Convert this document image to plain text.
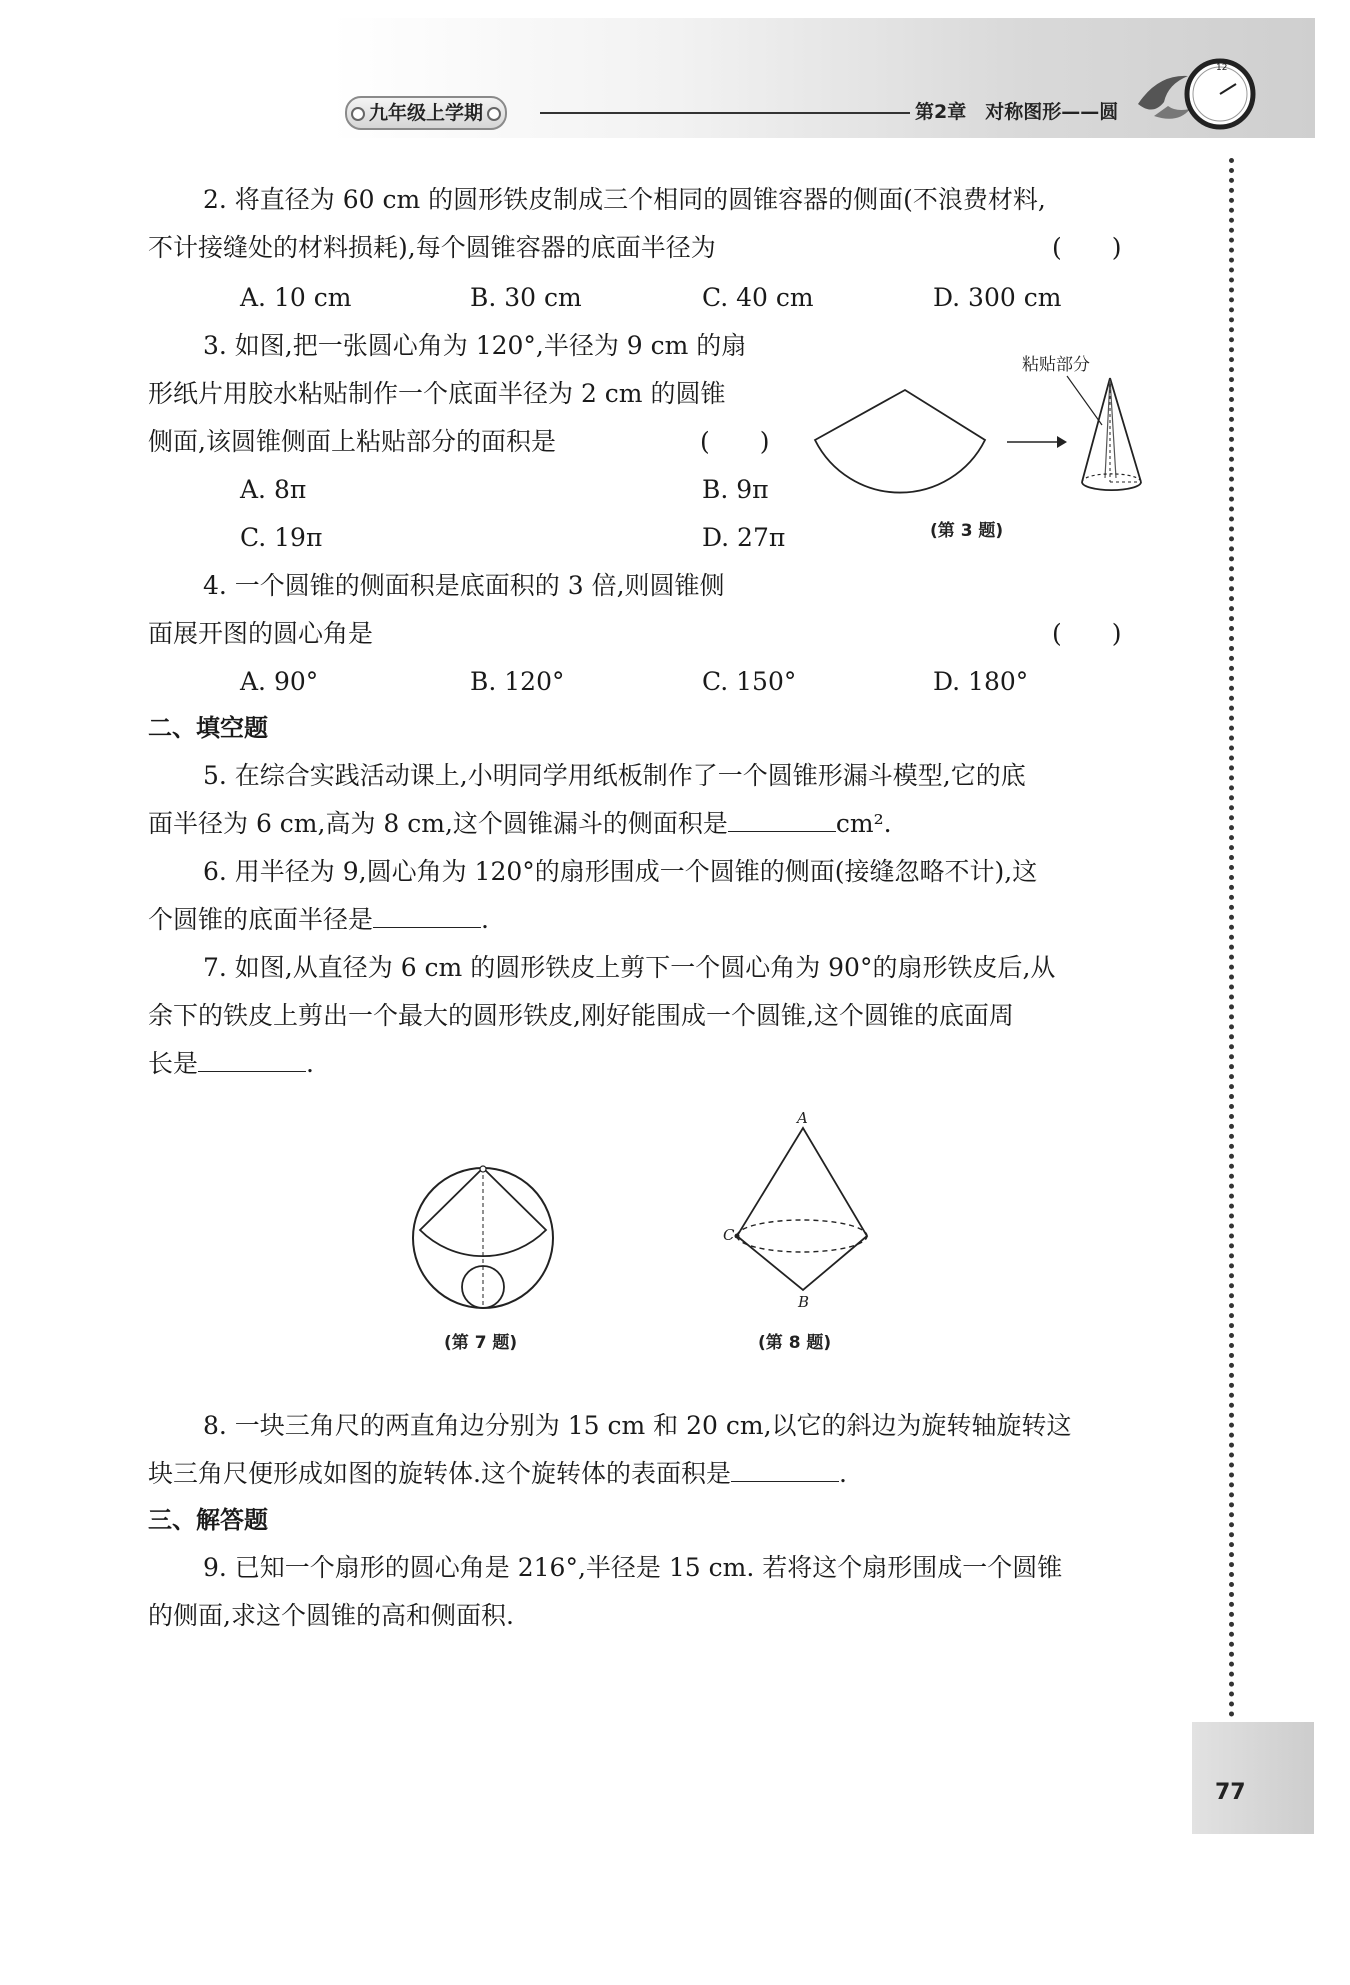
九年级上学期	第2章　对称图形——圆
12
77
2. 将直径为 60 cm 的圆形铁皮制成三个相同的圆锥容器的侧面(不浪费材料,
不计接缝处的材料损耗),每个圆锥容器的底面半径为	(　　)
A. 10 cm	B. 30 cm	C. 40 cm	D. 300 cm
3. 如图,把一张圆心角为 120°,半径为 9 cm 的扇
形纸片用胶水粘贴制作一个底面半径为 2 cm 的圆锥
侧面,该圆锥侧面上粘贴部分的面积是	(　　)
A. 8π	B. 9π
C. 19π	D. 27π
粘贴部分
(第 3 题)
4. 一个圆锥的侧面积是底面积的 3 倍,则圆锥侧
面展开图的圆心角是	(　　)
A. 90°	B. 120°	C. 150°	D. 180°
二、填空题
5. 在综合实践活动课上,小明同学用纸板制作了一个圆锥形漏斗模型,它的底
面半径为 6 cm,高为 8 cm,这个圆锥漏斗的侧面积是	cm².
6. 用半径为 9,圆心角为 120°的扇形围成一个圆锥的侧面(接缝忽略不计),这
个圆锥的底面半径是	.
7. 如图,从直径为 6 cm 的圆形铁皮上剪下一个圆心角为 90°的扇形铁皮后,从
余下的铁皮上剪出一个最大的圆形铁皮,刚好能围成一个圆锥,这个圆锥的底面周
长是	.
(第 7 题)
A
C
B
(第 8 题)
8. 一块三角尺的两直角边分别为 15 cm 和 20 cm,以它的斜边为旋转轴旋转这
块三角尺便形成如图的旋转体.这个旋转体的表面积是	.
三、解答题
9. 已知一个扇形的圆心角是 216°,半径是 15 cm. 若将这个扇形围成一个圆锥
的侧面,求这个圆锥的高和侧面积.
